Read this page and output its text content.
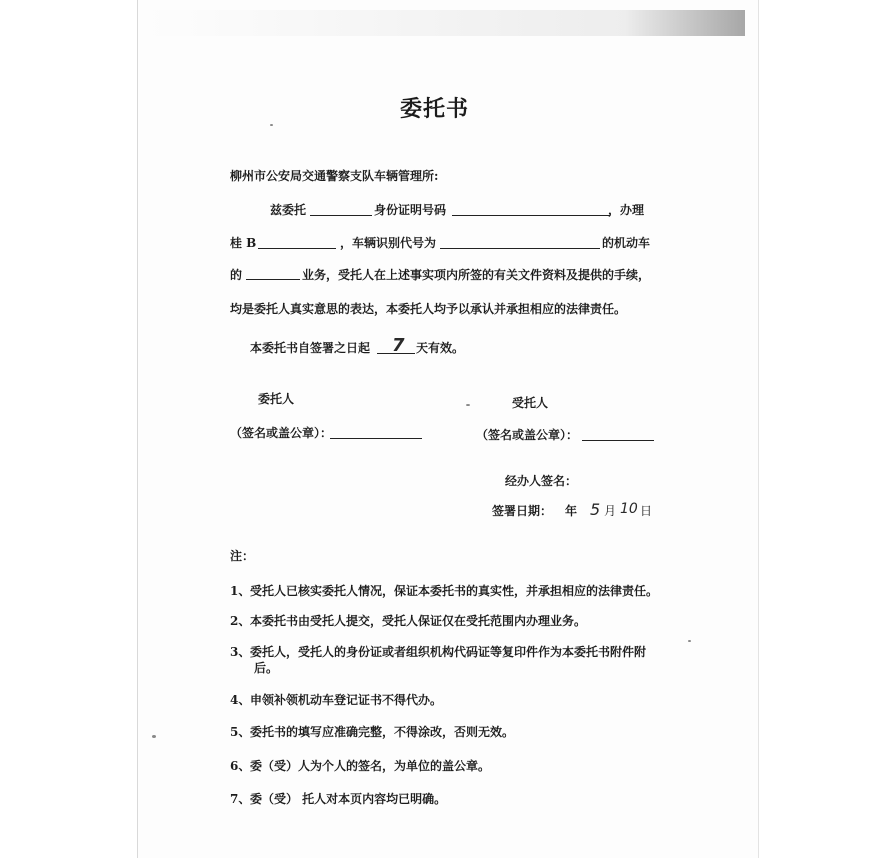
委托书
柳州市公安局交通警察支队车辆管理所:
兹委托	身份证明号码	，办理
桂 B	，车辆识别代号为	的机动车
的	业务，受托人在上述事实项内所签的有关文件资料及提供的手续，
均是委托人真实意思的表达，本委托人均予以承认并承担相应的法律责任。
本委托书自签署之日起 7 天有效。
委托人	受托人
（签名或盖公章）：	（签名或盖公章）：
经办人签名：
签署日期： 年 5 月 10 日
注：
1、 受托人已核实委托人情况，保证本委托书的真实性，并承担相应的法律责任。
2、 本委托书由受托人提交，受托人保证仅在受托范围内办理业务。
3、 委托人，受托人的身份证或者组织机构代码证等复印件作为本委托书附件附
后。
4、 申领补领机动车登记证书不得代办。
5、 委托书的填写应准确完整，不得涂改，否则无效。
6、 委（受）人为个人的签名，为单位的盖公章。
7、 委（受） 托人对本页内容均已明确。
